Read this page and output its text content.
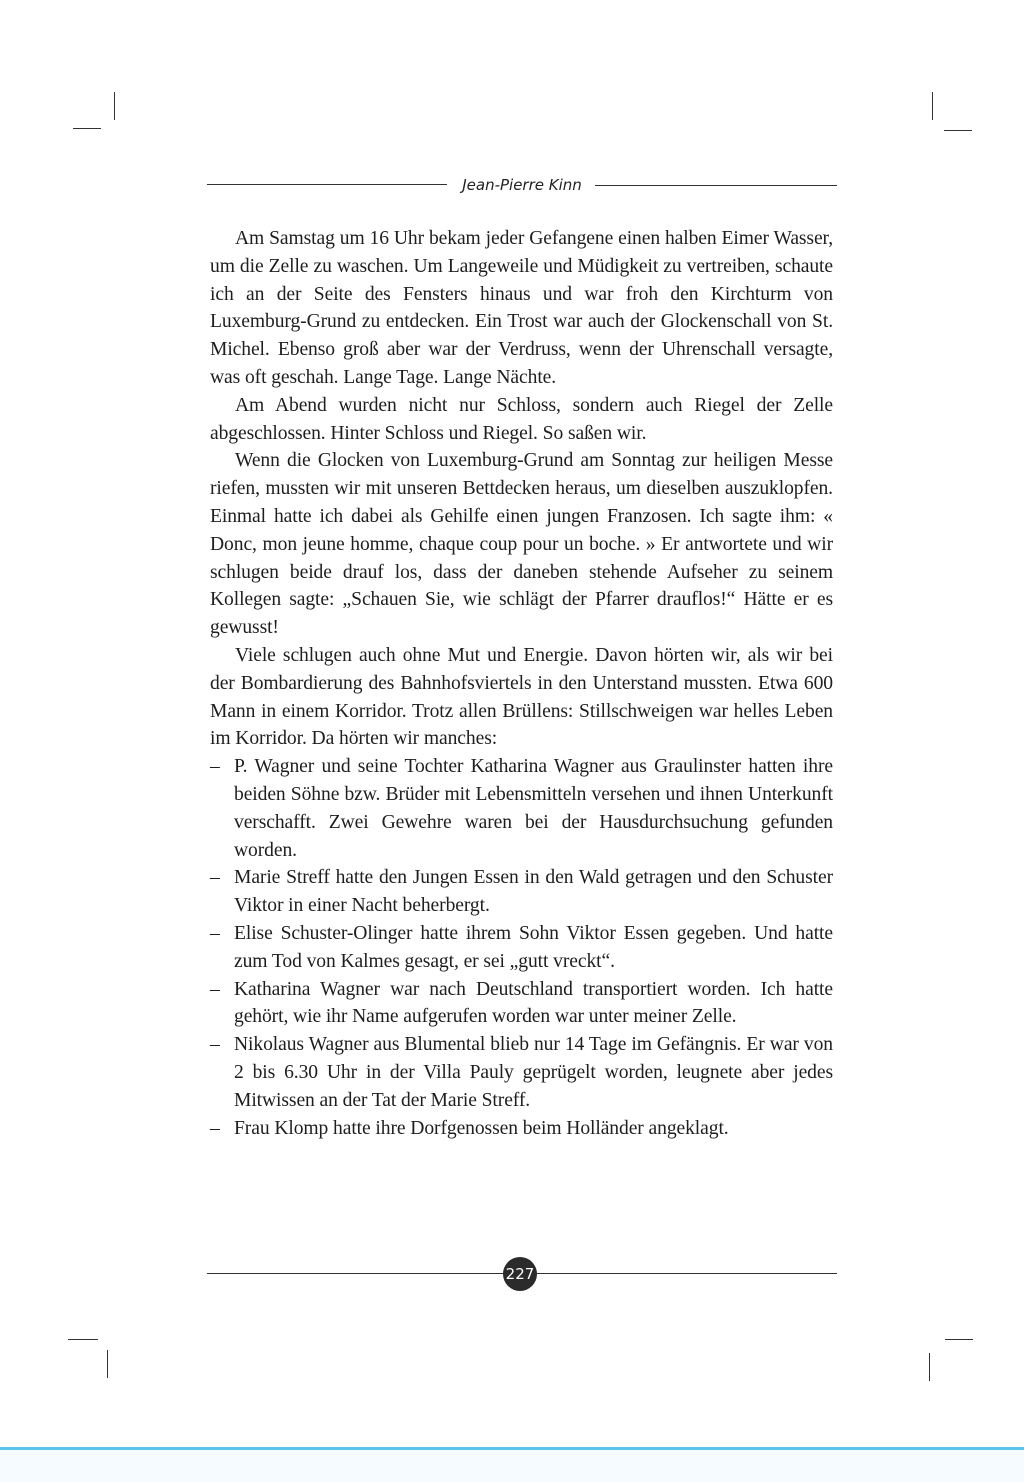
Jean-Pierre Kinn

Am Samstag um 16 Uhr bekam jeder Gefangene einen halben Eimer Wasser, um die Zelle zu waschen. Um Langeweile und Müdigkeit zu vertreiben, schaute ich an der Seite des Fensters hinaus und war froh den Kirchturm von Luxemburg-Grund zu entdecken. Ein Trost war auch der Glockenschall von St. Michel. Ebenso groß aber war der Verdruss, wenn der Uhrenschall versagte, was oft geschah. Lange Tage. Lange Nächte.

Am Abend wurden nicht nur Schloss, sondern auch Riegel der Zelle abgeschlossen. Hinter Schloss und Riegel. So saßen wir.

Wenn die Glocken von Luxemburg-Grund am Sonntag zur heiligen Messe riefen, mussten wir mit unseren Bettdecken heraus, um dieselben auszuklopfen. Einmal hatte ich dabei als Gehilfe einen jungen Franzosen. Ich sagte ihm: « Donc, mon jeune homme, chaque coup pour un boche. » Er antwortete und wir schlugen beide drauf los, dass der daneben stehende Aufseher zu seinem Kollegen sagte: „Schauen Sie, wie schlägt der Pfarrer drauflos!“ Hätte er es gewusst!

Viele schlugen auch ohne Mut und Energie. Davon hörten wir, als wir bei der Bombardierung des Bahnhofsviertels in den Unterstand mussten. Etwa 600 Mann in einem Korridor. Trotz allen Brüllens: Stillschweigen war helles Leben im Korridor. Da hörten wir manches:

– P. Wagner und seine Tochter Katharina Wagner aus Graulinster hatten ihre beiden Söhne bzw. Brüder mit Lebensmitteln versehen und ihnen Unterkunft verschafft. Zwei Gewehre waren bei der Hausdurchsuchung gefunden worden.
– Marie Streff hatte den Jungen Essen in den Wald getragen und den Schuster Viktor in einer Nacht beherbergt.
– Elise Schuster-Olinger hatte ihrem Sohn Viktor Essen gegeben. Und hatte zum Tod von Kalmes gesagt, er sei „gutt vreckt“.
– Katharina Wagner war nach Deutschland transportiert worden. Ich hatte gehört, wie ihr Name aufgerufen worden war unter meiner Zelle.
– Nikolaus Wagner aus Blumental blieb nur 14 Tage im Gefängnis. Er war von 2 bis 6.30 Uhr in der Villa Pauly geprügelt worden, leugnete aber jedes Mitwissen an der Tat der Marie Streff.
– Frau Klomp hatte ihre Dorfgenossen beim Holländer angeklagt.
227
